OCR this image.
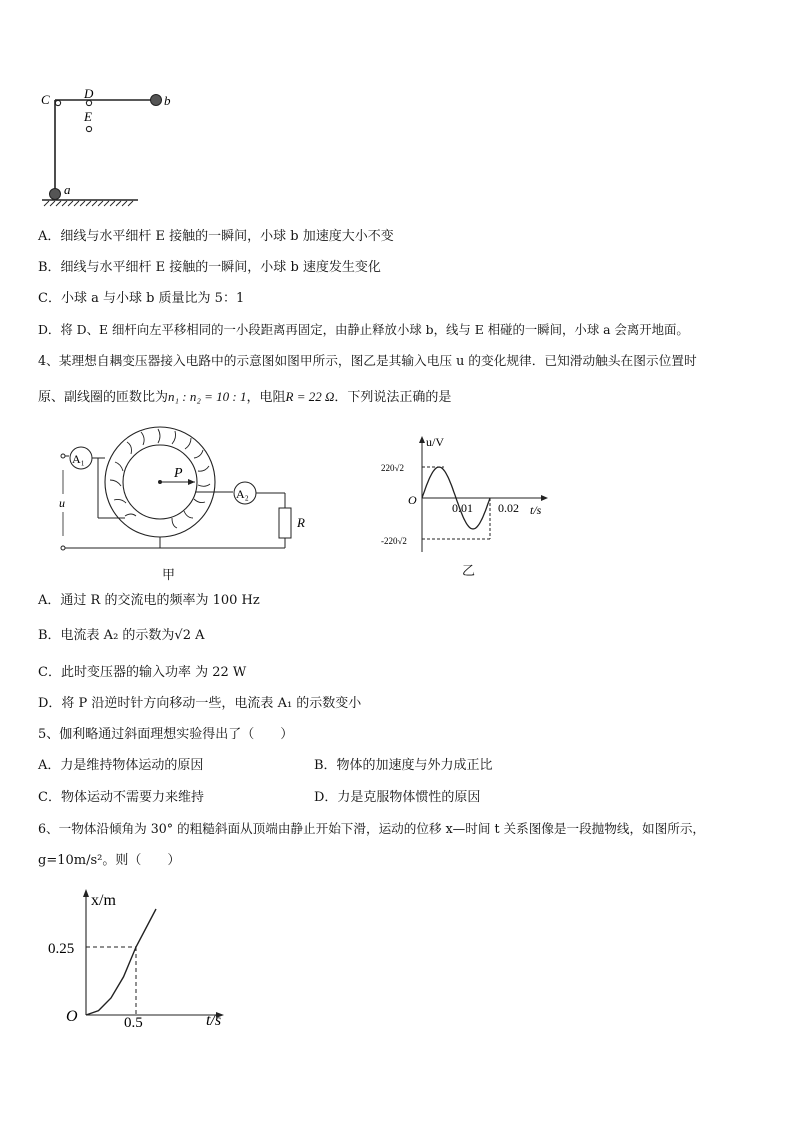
C	D
E
b
a
A．细线与水平细杆 E 接触的一瞬间，小球 b 加速度大小不变
B．细线与水平细杆 E 接触的一瞬间，小球 b 速度发生变化
C．小球 a 与小球 b 质量比为 5：1
D．将 D、E 细杆向左平移相同的一小段距离再固定，由静止释放小球 b，线与 E 相碰的一瞬间，小球 a 会离开地面。
4、某理想自耦变压器接入电路中的示意图如图甲所示，图乙是其输入电压 u 的变化规律．已知滑动触头在图示位置时
原、副线圈的匝数比为n₁ : n₂ = 10 : 1，电阻R = 22 Ω．下列说法正确的是
P
A₁
u
A₂
R
甲
u/V
220√2
-220√2
O
0.01 0.02 t/s
乙
A．通过 R 的交流电的频率为 100 Hz
B．电流表 A₂ 的示数为√2 A
C．此时变压器的输入功率 为 22 W
D．将 P 沿逆时针方向移动一些，电流表 A₁ 的示数变小
5、伽利略通过斜面理想实验得出了（　　）
A．力是维持物体运动的原因	B．物体的加速度与外力成正比
C．物体运动不需要力来维持	D．力是克服物体惯性的原因
6、一物体沿倾角为 30° 的粗糙斜面从顶端由静止开始下滑，运动的位移 x—时间 t 关系图像是一段抛物线，如图所示，
g=10m/s²。则（　　）
x/m
t/s
O
0.25
0.5
